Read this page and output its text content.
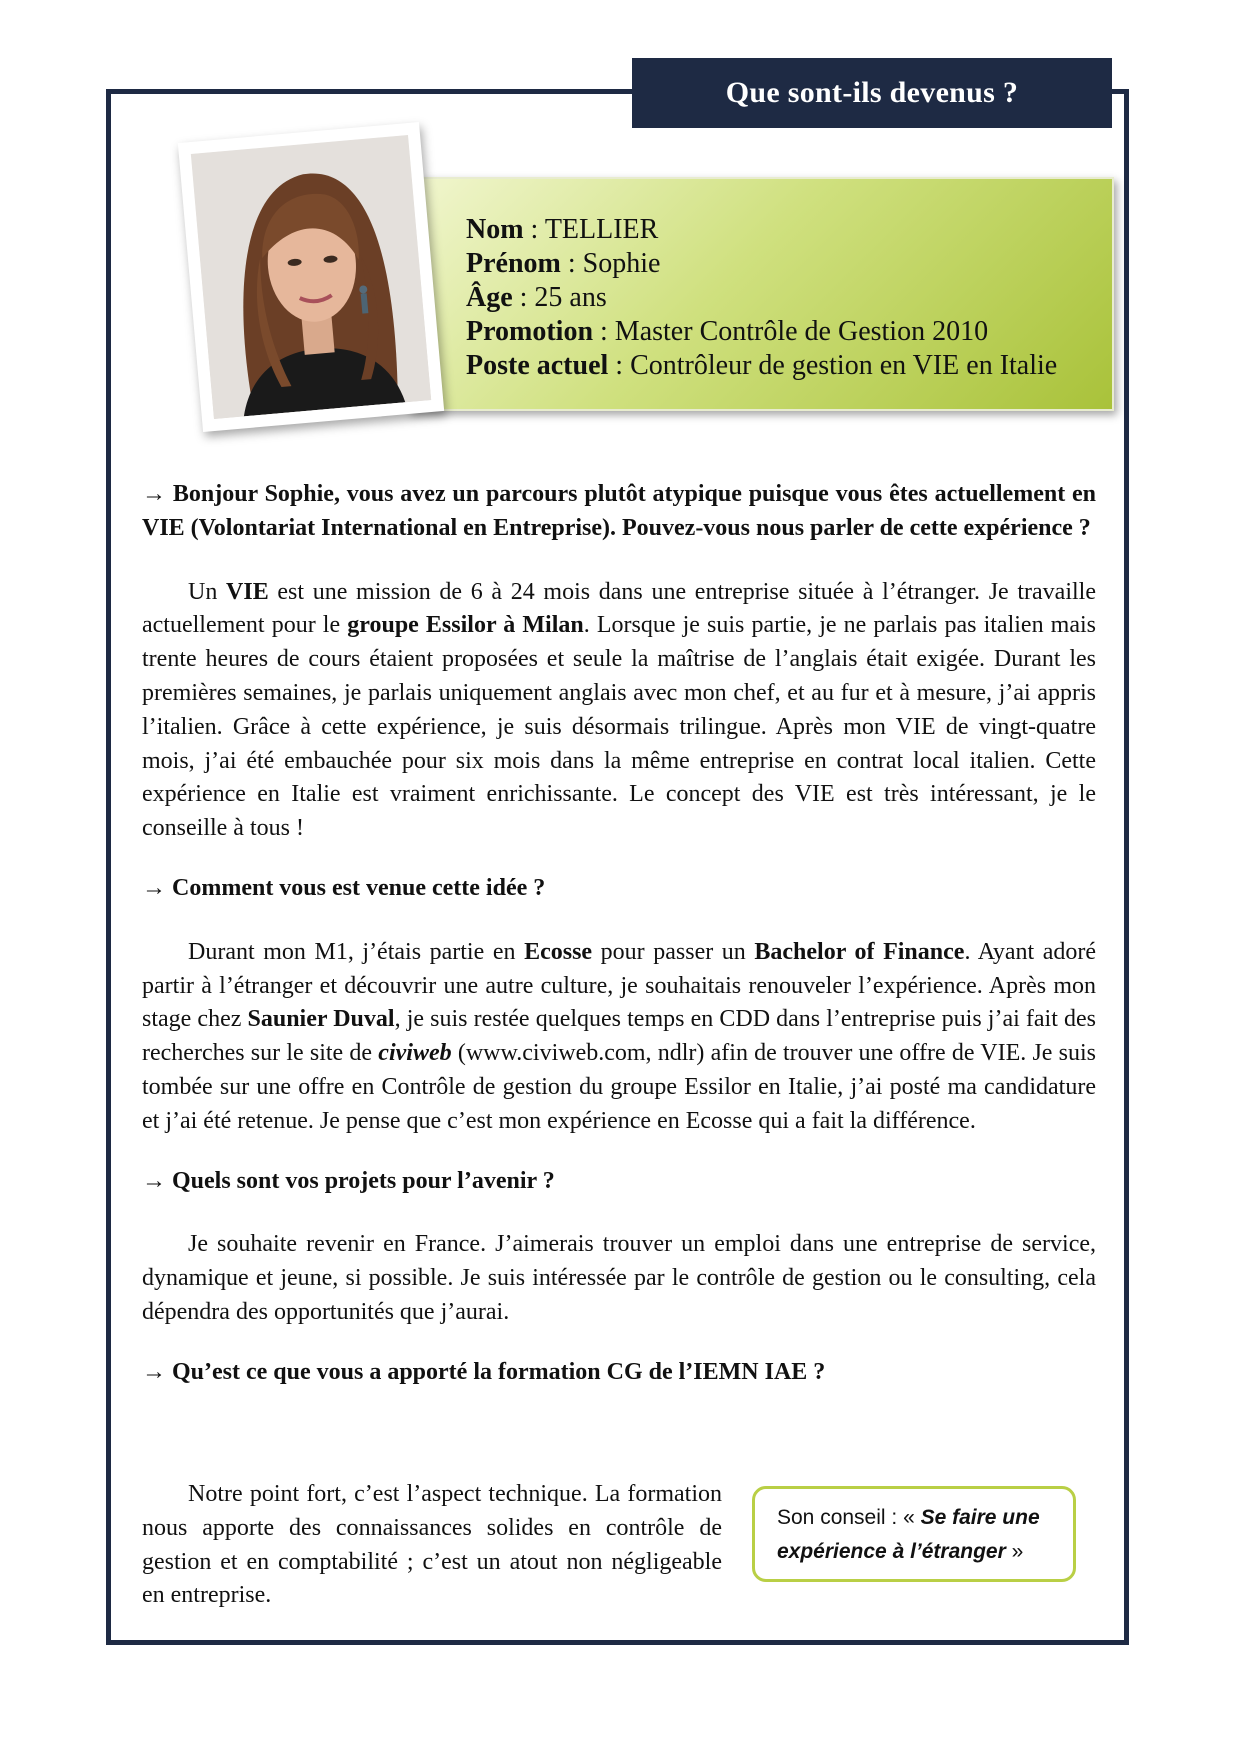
Que sont-ils devenus ?
Nom : TELLIER
Prénom : Sophie
Âge : 25 ans
Promotion : Master Contrôle de Gestion 2010
Poste actuel : Contrôleur de gestion en VIE en Italie

→ Bonjour Sophie, vous avez un parcours plutôt atypique puisque vous êtes actuellement en VIE (Volontariat International en Entreprise). Pouvez-vous nous parler de cette expérience ?

Un VIE est une mission de 6 à 24 mois dans une entreprise située à l’étranger. Je travaille actuellement pour le groupe Essilor à Milan. Lorsque je suis partie, je ne parlais pas italien mais trente heures de cours étaient proposées et seule la maîtrise de l’anglais était exigée. Durant les premières semaines, je parlais uniquement anglais avec mon chef, et au fur et à mesure, j’ai appris l’italien. Grâce à cette expérience, je suis désormais trilingue. Après mon VIE de vingt-quatre mois, j’ai été embauchée pour six mois dans la même entreprise en contrat local italien. Cette expérience en Italie est vraiment enrichissante. Le concept des VIE est très intéressant, je le conseille à tous !

→ Comment vous est venue cette idée ?

Durant mon M1, j’étais partie en Ecosse pour passer un Bachelor of Finance. Ayant adoré partir à l’étranger et découvrir une autre culture, je souhaitais renouveler l’expérience. Après mon stage chez Saunier Duval, je suis restée quelques temps en CDD dans l’entreprise puis j’ai fait des recherches sur le site de civiweb (www.civiweb.com, ndlr) afin de trouver une offre de VIE. Je suis tombée sur une offre en Contrôle de gestion du groupe Essilor en Italie, j’ai posté ma candidature et j’ai été retenue. Je pense que c’est mon expérience en Ecosse qui a fait la différence.

→ Quels sont vos projets pour l’avenir ?

Je souhaite revenir en France. J’aimerais trouver un emploi dans une entreprise de service, dynamique et jeune, si possible. Je suis intéressée par le contrôle de gestion ou le consulting, cela dépendra des opportunités que j’aurai.

→ Qu’est ce que vous a apporté la formation CG de l’IEMN IAE ?

Notre point fort, c’est l’aspect technique. La formation nous apporte des connaissances solides en contrôle de gestion et en comptabilité ; c’est un atout non négligeable en entreprise.

Son conseil : « Se faire une expérience à l’étranger »
